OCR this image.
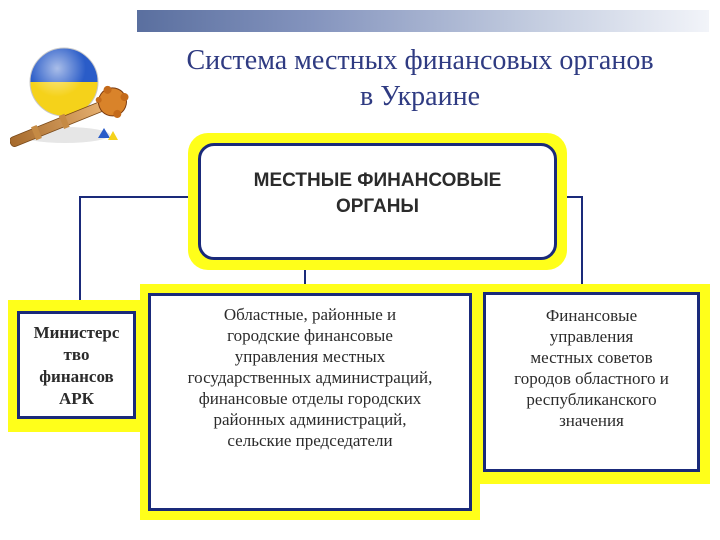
Система местных финансовых органов
в Украине
МЕСТНЫЕ ФИНАНСОВЫЕ
ОРГАНЫ
Министерс
тво
финансов
АРК
Областные, районные и
городские финансовые
управления местных
государственных администраций,
финансовые отделы городских
районных администраций,
сельские председатели
Финансовые
управления
местных советов
городов областного и
республиканского
значения
